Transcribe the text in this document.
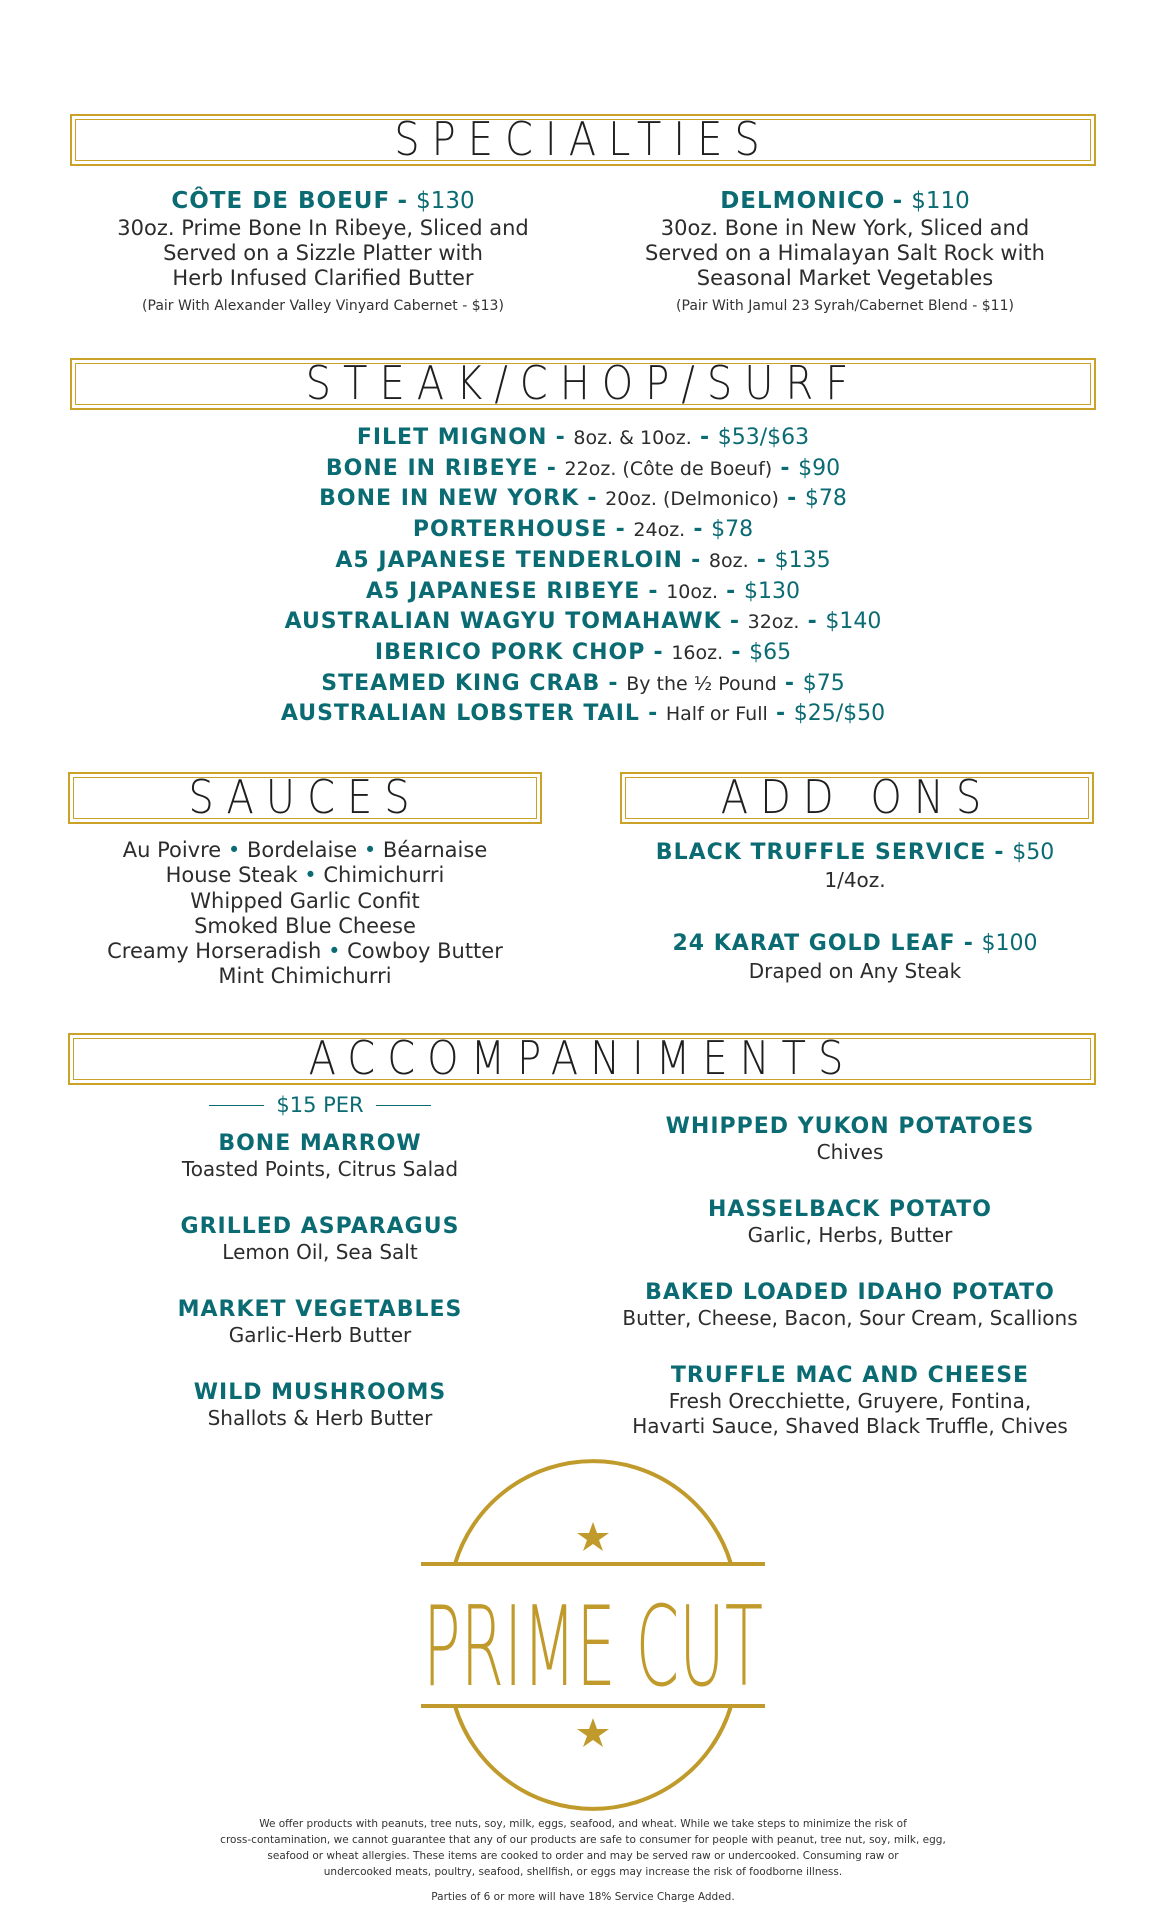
SPECIALTIES
CÔTE DE BOEUF - $130
30oz. Prime Bone In Ribeye, Sliced and
Served on a Sizzle Platter with
Herb Infused Clarified Butter
(Pair With Alexander Valley Vinyard Cabernet - $13)
DELMONICO - $110
30oz. Bone in New York, Sliced and
Served on a Himalayan Salt Rock with
Seasonal Market Vegetables
(Pair With Jamul 23 Syrah/Cabernet Blend - $11)
STEAK/CHOP/SURF
FILET MIGNON - 8oz. & 10oz. - $53/$63
BONE IN RIBEYE - 22oz. (Côte de Boeuf) - $90
BONE IN NEW YORK - 20oz. (Delmonico) - $78
PORTERHOUSE - 24oz. - $78
A5 JAPANESE TENDERLOIN - 8oz. - $135
A5 JAPANESE RIBEYE - 10oz. - $130
AUSTRALIAN WAGYU TOMAHAWK - 32oz. - $140
IBERICO PORK CHOP - 16oz. - $65
STEAMED KING CRAB - By the ½ Pound - $75
AUSTRALIAN LOBSTER TAIL - Half or Full - $25/$50
SAUCES
Au Poivre • Bordelaise • Béarnaise
House Steak • Chimichurri
Whipped Garlic Confit
Smoked Blue Cheese
Creamy Horseradish • Cowboy Butter
Mint Chimichurri
ADD ONS
BLACK TRUFFLE SERVICE - $50
1/4oz.
24 KARAT GOLD LEAF - $100
Draped on Any Steak
ACCOMPANIMENTS
$15 PER
BONE MARROW
Toasted Points, Citrus Salad
GRILLED ASPARAGUS
Lemon Oil, Sea Salt
MARKET VEGETABLES
Garlic-Herb Butter
WILD MUSHROOMS
Shallots & Herb Butter
WHIPPED YUKON POTATOES
Chives
HASSELBACK POTATO
Garlic, Herbs, Butter
BAKED LOADED IDAHO POTATO
Butter, Cheese, Bacon, Sour Cream, Scallions
TRUFFLE MAC AND CHEESE
Fresh Orecchiette, Gruyere, Fontina,
Havarti Sauce, Shaved Black Truffle, Chives
PRIME CUT
We offer products with peanuts, tree nuts, soy, milk, eggs, seafood, and wheat. While we take steps to minimize the risk of
cross-contamination, we cannot guarantee that any of our products are safe to consumer for people with peanut, tree nut, soy, milk, egg,
seafood or wheat allergies. These items are cooked to order and may be served raw or undercooked. Consuming raw or
undercooked meats, poultry, seafood, shellfish, or eggs may increase the risk of foodborne illness.
Parties of 6 or more will have 18% Service Charge Added.
